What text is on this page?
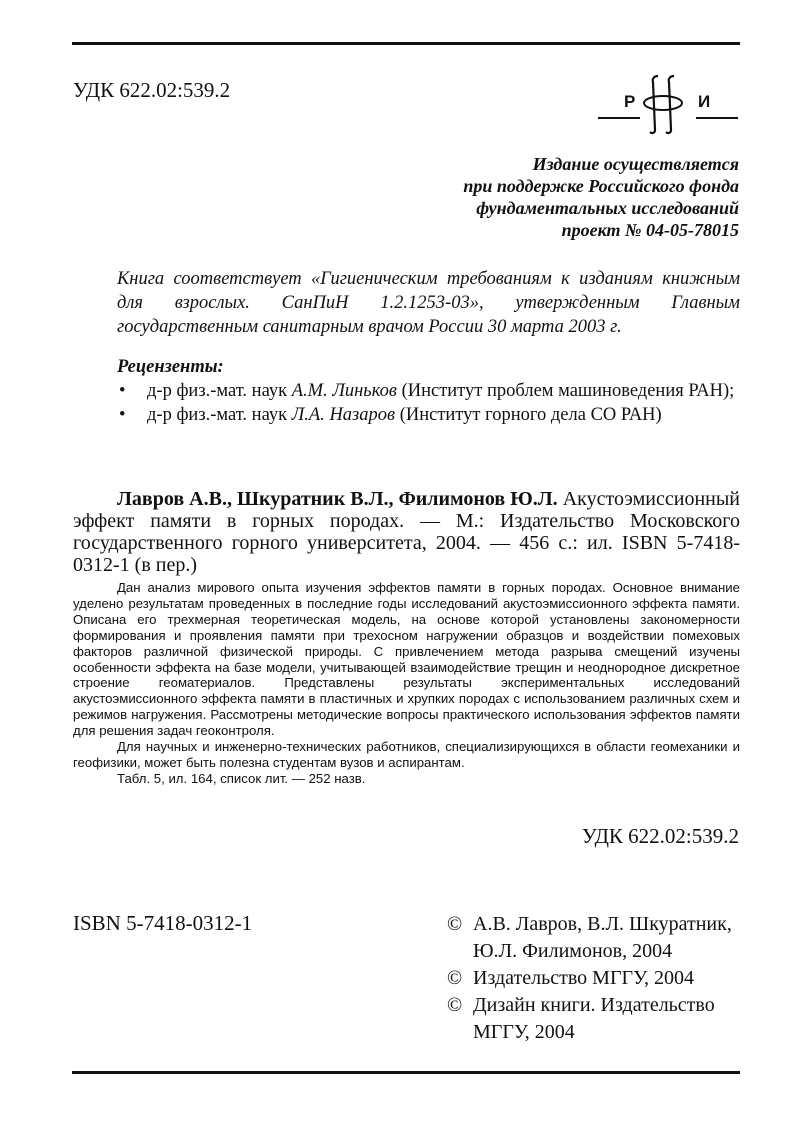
УДК 622.02:539.2	Р	И
Издание осуществляется
при поддержке Российского фонда
фундаментальных исследований
проект № 04-05-78015
Книга соответствует «Гигиеническим требованиям к изданиям книжным для взрослых. СанПиН 1.2.1253-03», утвержденным Главным государственным санитарным врачом России 30 марта 2003 г.
Рецензенты:
• д-р физ.-мат. наук А.М. Линьков (Институт проблем машиноведения РАН);
• д-р физ.-мат. наук Л.А. Назаров (Институт горного дела СО РАН)
Лавров А.В., Шкуратник В.Л., Филимонов Ю.Л. Акустоэмиссионный эффект памяти в горных породах. — М.: Издательство Московского государственного горного университета, 2004. — 456 с.: ил. ISBN 5-7418-0312-1 (в пер.)

Дан анализ мирового опыта изучения эффектов памяти в горных породах. Основное внимание уделено результатам проведенных в последние годы исследований акустоэмиссионного эффекта памяти. Описана его трехмерная теоретическая модель, на основе которой установлены закономерности формирования и проявления памяти при трехосном нагружении образцов и воздействии помеховых факторов различной физической природы. С привлечением метода разрыва смещений изучены особенности эффекта на базе модели, учитывающей взаимодействие трещин и неоднородное дискретное строение геоматериалов. Представлены результаты экспериментальных исследований акустоэмиссионного эффекта памяти в пластичных и хрупких породах с использованием различных схем и режимов нагружения. Рассмотрены методические вопросы практического использования эффектов памяти для решения задач геоконтроля.

Для научных и инженерно-технических работников, специализирующихся в области геомеханики и геофизики, может быть полезна студентам вузов и аспирантам.

Табл. 5, ил. 164, список лит. — 252 назв.

УДК 622.02:539.2
ISBN 5-7418-0312-1	© А.В. Лавров, В.Л. Шкуратник, Ю.Л. Филимонов, 2004
© Издательство МГГУ, 2004
© Дизайн книги. Издательство МГГУ, 2004
